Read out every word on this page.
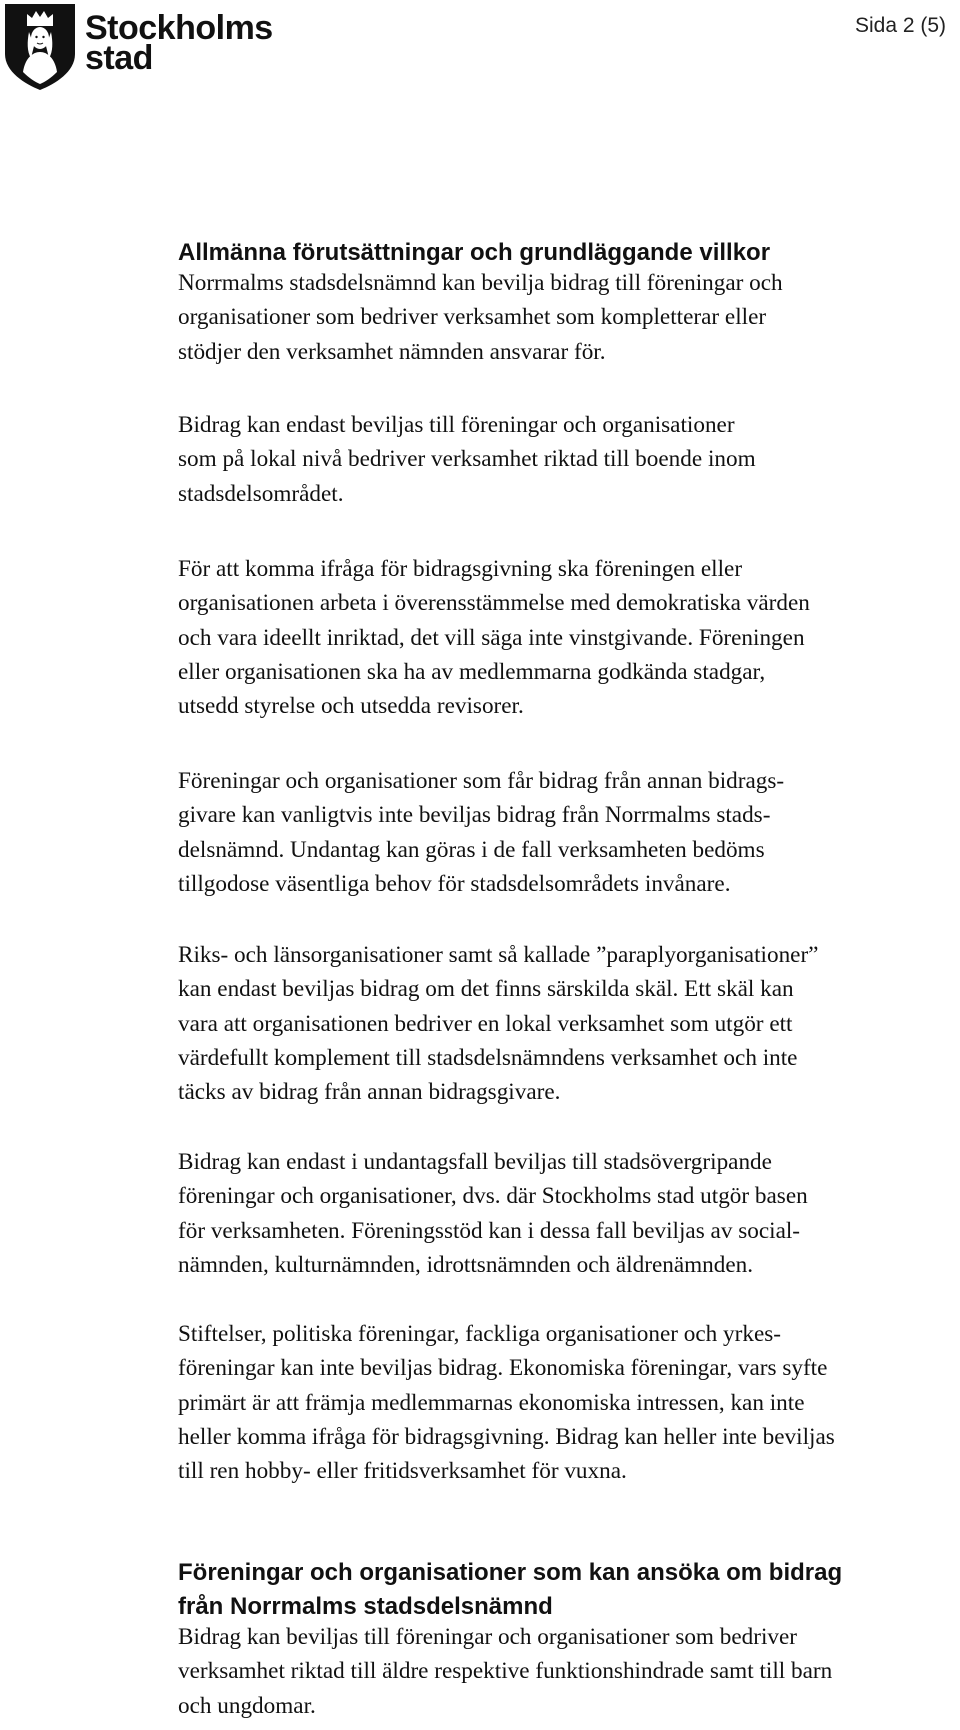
Stockholms
stad
Sida 2 (5)
Allmänna förutsättningar och grundläggande villkor

Norrmalms stadsdelsnämnd kan bevilja bidrag till föreningar och
organisationer som bedriver verksamhet som kompletterar eller
stödjer den verksamhet nämnden ansvarar för.

Bidrag kan endast beviljas till föreningar och organisationer
som på lokal nivå bedriver verksamhet riktad till boende inom
stadsdelsområdet.

För att komma ifråga för bidragsgivning ska föreningen eller
organisationen arbeta i överensstämmelse med demokratiska värden
och vara ideellt inriktad, det vill säga inte vinstgivande. Föreningen
eller organisationen ska ha av medlemmarna godkända stadgar,
utsedd styrelse och utsedda revisorer.

Föreningar och organisationer som får bidrag från annan bidrags-
givare kan vanligtvis inte beviljas bidrag från Norrmalms stads-
delsnämnd. Undantag kan göras i de fall verksamheten bedöms
tillgodose väsentliga behov för stadsdelsområdets invånare.

Riks- och länsorganisationer samt så kallade ”paraplyorganisationer”
kan endast beviljas bidrag om det finns särskilda skäl. Ett skäl kan
vara att organisationen bedriver en lokal verksamhet som utgör ett
värdefullt komplement till stadsdelsnämndens verksamhet och inte
täcks av bidrag från annan bidragsgivare.

Bidrag kan endast i undantagsfall beviljas till stadsövergripande
föreningar och organisationer, dvs. där Stockholms stad utgör basen
för verksamheten. Föreningsstöd kan i dessa fall beviljas av social-
nämnden, kulturnämnden, idrottsnämnden och äldrenämnden.

Stiftelser, politiska föreningar, fackliga organisationer och yrkes-
föreningar kan inte beviljas bidrag. Ekonomiska föreningar, vars syfte
primärt är att främja medlemmarnas ekonomiska intressen, kan inte
heller komma ifråga för bidragsgivning. Bidrag kan heller inte beviljas
till ren hobby- eller fritidsverksamhet för vuxna.

Föreningar och organisationer som kan ansöka om bidrag
från Norrmalms stadsdelsnämnd

Bidrag kan beviljas till föreningar och organisationer som bedriver
verksamhet riktad till äldre respektive funktionshindrade samt till barn
och ungdomar.
